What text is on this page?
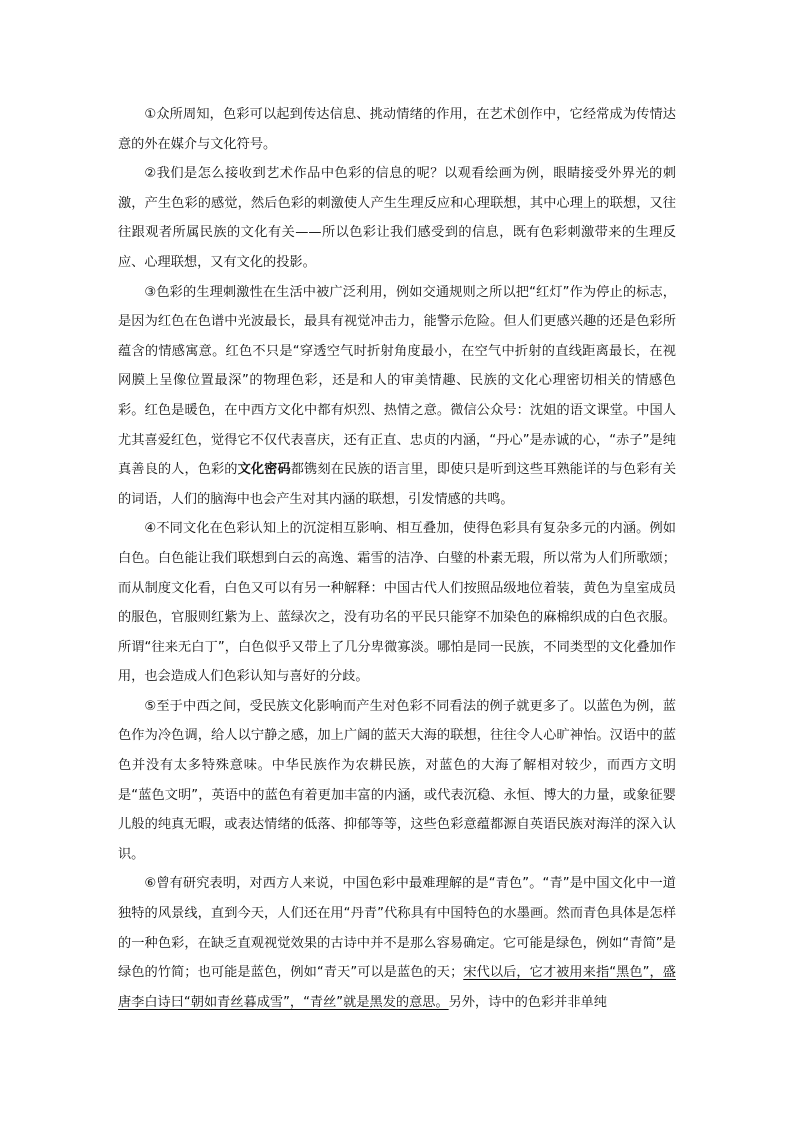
①众所周知，色彩可以起到传达信息、挑动情绪的作用，在艺术创作中，它经常成为传情达意的外在媒介与文化符号。

②我们是怎么接收到艺术作品中色彩的信息的呢？以观看绘画为例，眼睛接受外界光的刺激，产生色彩的感觉，然后色彩的刺激使人产生生理反应和心理联想，其中心理上的联想，又往往跟观者所属民族的文化有关——所以色彩让我们感受到的信息，既有色彩刺激带来的生理反应、心理联想，又有文化的投影。

③色彩的生理刺激性在生活中被广泛利用，例如交通规则之所以把“红灯”作为停止的标志，是因为红色在色谱中光波最长，最具有视觉冲击力，能警示危险。但人们更感兴趣的还是色彩所蕴含的情感寓意。红色不只是“穿透空气时折射角度最小，在空气中折射的直线距离最长，在视网膜上呈像位置最深”的物理色彩，还是和人的审美情趣、民族的文化心理密切相关的情感色彩。红色是暖色，在中西方文化中都有炽烈、热情之意。微信公众号：沈姐的语文课堂。中国人尤其喜爱红色，觉得它不仅代表喜庆，还有正直、忠贞的内涵，“丹心”是赤诚的心，“赤子”是纯真善良的人，色彩的文化密码都镌刻在民族的语言里，即使只是听到这些耳熟能详的与色彩有关的词语，人们的脑海中也会产生对其内涵的联想，引发情感的共鸣。

④不同文化在色彩认知上的沉淀相互影响、相互叠加，使得色彩具有复杂多元的内涵。例如白色。白色能让我们联想到白云的高逸、霜雪的洁净、白璧的朴素无瑕，所以常为人们所歌颂；而从制度文化看，白色又可以有另一种解释：中国古代人们按照品级地位着装，黄色为皇室成员的服色，官服则红紫为上、蓝绿次之，没有功名的平民只能穿不加染色的麻棉织成的白色衣服。所谓“往来无白丁”，白色似乎又带上了几分卑微寡淡。哪怕是同一民族，不同类型的文化叠加作用，也会造成人们色彩认知与喜好的分歧。

⑤至于中西之间，受民族文化影响而产生对色彩不同看法的例子就更多了。以蓝色为例，蓝色作为冷色调，给人以宁静之感，加上广阔的蓝天大海的联想，往往令人心旷神怡。汉语中的蓝色并没有太多特殊意味。中华民族作为农耕民族，对蓝色的大海了解相对较少，而西方文明是“蓝色文明”，英语中的蓝色有着更加丰富的内涵，或代表沉稳、永恒、博大的力量，或象征婴儿般的纯真无暇，或表达情绪的低落、抑郁等等，这些色彩意蕴都源自英语民族对海洋的深入认识。

⑥曾有研究表明，对西方人来说，中国色彩中最难理解的是“青色”。“青”是中国文化中一道独特的风景线，直到今天，人们还在用“丹青”代称具有中国特色的水墨画。然而青色具体是怎样的一种色彩，在缺乏直观视觉效果的古诗中并不是那么容易确定。它可能是绿色，例如“青简”是绿色的竹简；也可能是蓝色，例如“青天”可以是蓝色的天；宋代以后，它才被用来指“黑色”，盛唐李白诗曰“朝如青丝暮成雪”，“青丝”就是黑发的意思。另外，诗中的色彩并非单纯
